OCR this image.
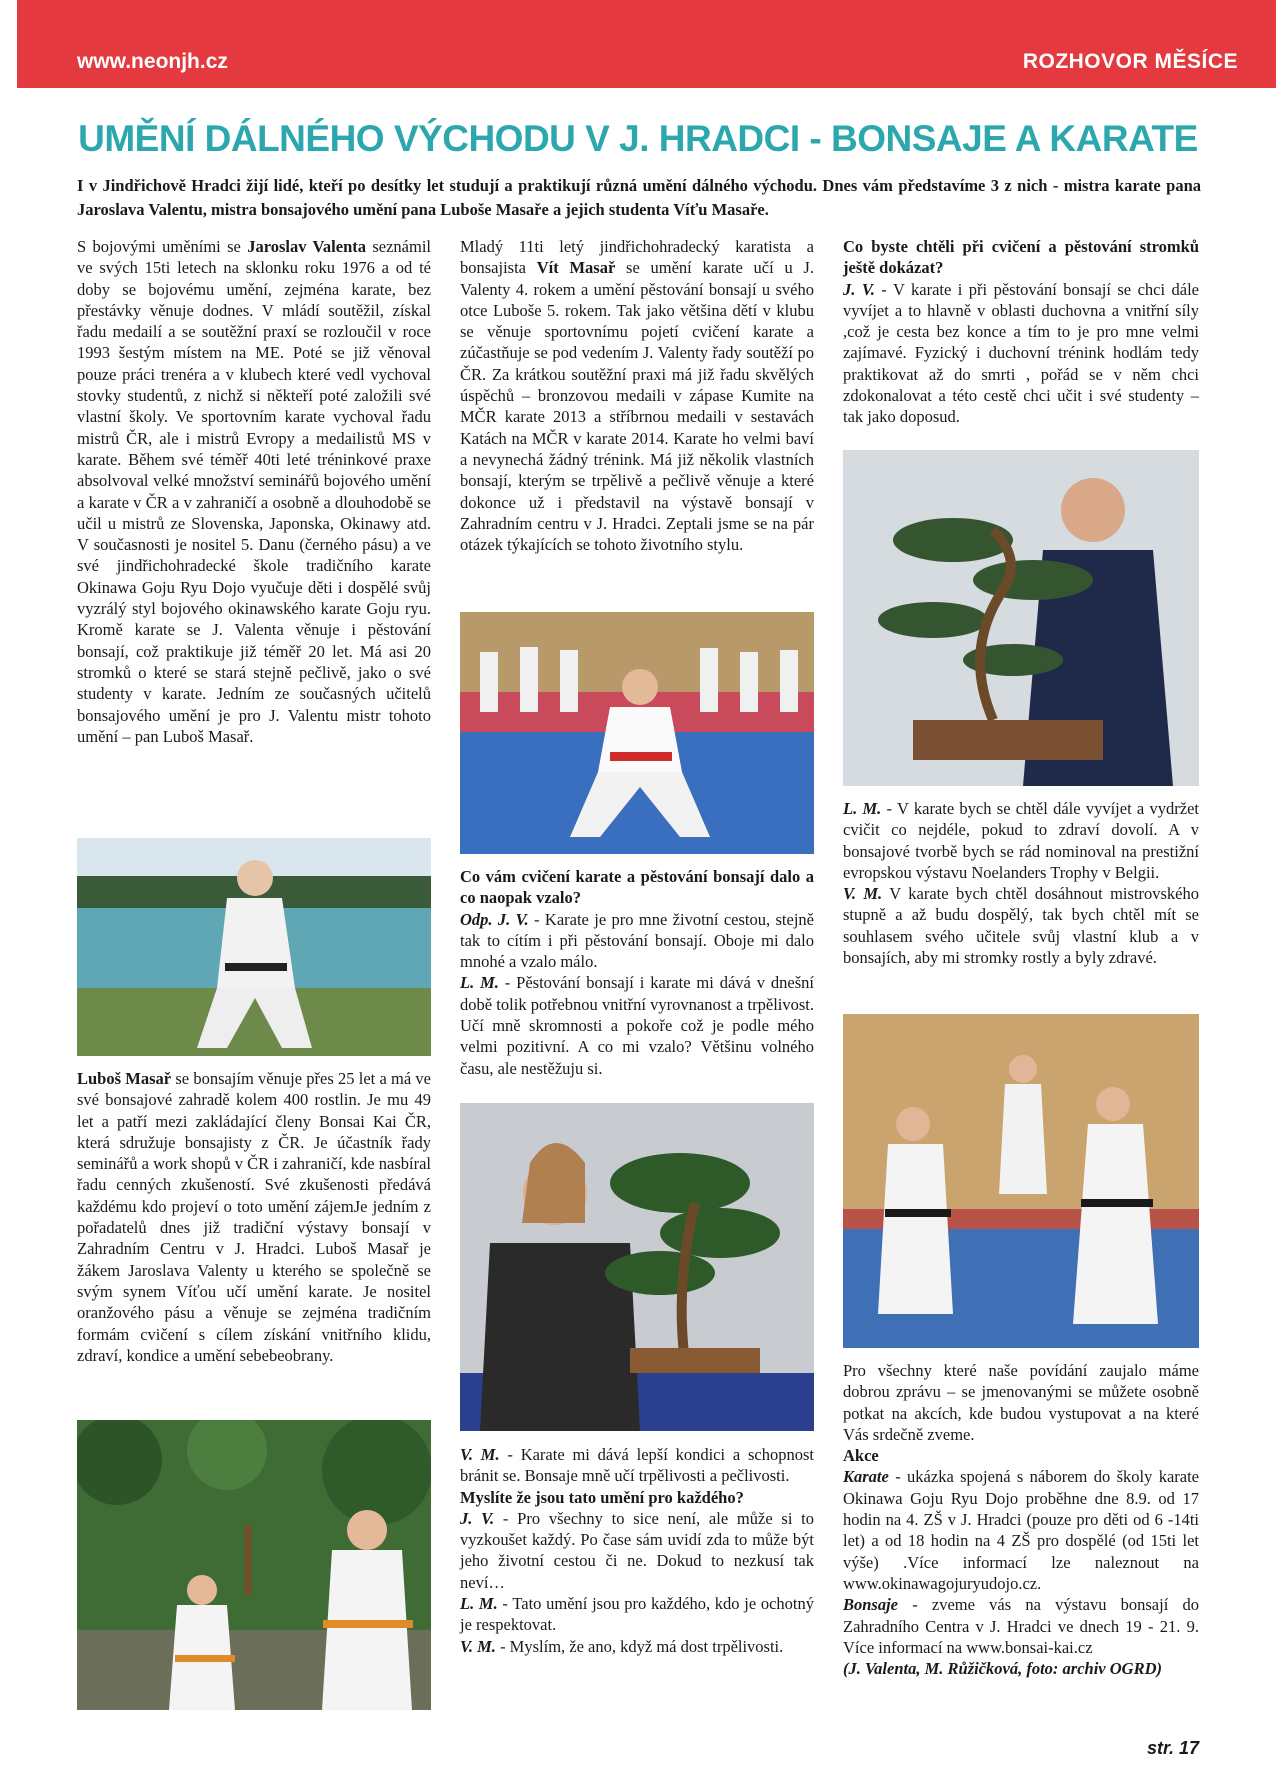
www.neonjh.cz	ROZHOVOR MĚSÍCE
UMĚNÍ DÁLNÉHO VÝCHODU V J. HRADCI - BONSAJE A KARATE
I v Jindřichově Hradci žijí lidé, kteří po desítky let studují a praktikují různá umění dálného východu. Dnes vám představíme 3 z nich - mistra karate pana Jaroslava Valentu, mistra bonsajového umění pana Luboše Masaře a jejich studenta Víťu Masaře.

S bojovými uměními se Jaroslav Valenta seznámil ve svých 15ti letech na sklonku roku 1976 a od té doby se bojovému umění, zejména karate, bez přestávky věnuje dodnes. V mládí soutěžil, získal řadu medailí a se soutěžní praxí se rozloučil v roce 1993 šestým místem na ME. Poté se již věnoval pouze práci trenéra a v klubech které vedl vychoval stovky studentů, z nichž si někteří poté založili své vlastní školy. Ve sportovním karate vychoval řadu mistrů ČR, ale i mistrů Evropy a medailistů MS v karate. Během své téměř 40ti leté tréninkové praxe absolvoval velké množství seminářů bojového umění a karate v ČR a v zahraničí a osobně a dlouhodobě se učil u mistrů ze Slovenska, Japonska, Okinawy atd. V současnosti je nositel 5. Danu (černého pásu) a ve své jindřichohradecké škole tradičního karate Okinawa Goju Ryu Dojo vyučuje děti i dospělé svůj vyzrálý styl bojového okinawského karate Goju ryu. Kromě karate se J. Valenta věnuje i pěstování bonsají, což praktikuje již téměř 20 let. Má asi 20 stromků o které se stará stejně pečlivě, jako o své studenty v karate. Jedním ze současných učitelů bonsajového umění je pro J. Valentu mistr tohoto umění – pan Luboš Masař.

Luboš Masař se bonsajím věnuje přes 25 let a má ve své bonsajové zahradě kolem 400 rostlin. Je mu 49 let a patří mezi zakládající členy Bonsai Kai ČR, která sdružuje bonsajisty z ČR. Je účastník řady seminářů a work shopů v ČR i zahraničí, kde nasbíral řadu cenných zkušeností. Své zkušenosti předává každému kdo projeví o toto umění zájemJe jedním z pořadatelů dnes již tradiční výstavy bonsají v Zahradním Centru v J. Hradci. Luboš Masař je žákem Jaroslava Valenty u kterého se společně se svým synem Víťou učí umění karate. Je nositel oranžového pásu a věnuje se zejména tradičním formám cvičení s cílem získání vnitřního klidu, zdraví, kondice a umění sebebeobrany.

Mladý 11ti letý jindřichohradecký karatista a bonsajista Vít Masař se umění karate učí u J. Valenty 4. rokem a umění pěstování bonsají u svého otce Luboše 5. rokem. Tak jako většina dětí v klubu se věnuje sportovnímu pojetí cvičení karate a zúčastňuje se pod vedením J. Valenty řady soutěží po ČR. Za krátkou soutěžní praxi má již řadu skvělých úspěchů – bronzovou medaili v zápase Kumite na MČR karate 2013 a stříbrnou medaili v sestavách Katách na MČR v karate 2014. Karate ho velmi baví a nevynechá žádný trénink. Má již několik vlastních bonsají, kterým se trpělivě a pečlivě věnuje a které dokonce už i představil na výstavě bonsají v Zahradním centru v J. Hradci. Zeptali jsme se na pár otázek týkajících se tohoto životního stylu.

Co vám cvičení karate a pěstování bonsají dalo a co naopak vzalo?

Odp. J. V. - Karate je pro mne životní cestou, stejně tak to cítím i při pěstování bonsají. Oboje mi dalo mnohé a vzalo málo.

L. M. - Pěstování bonsají i karate mi dává v dnešní době tolik potřebnou vnitřní vyrovnanost a trpělivost. Učí mně skromnosti a pokoře což je podle mého velmi pozitivní. A co mi vzalo? Většinu volného času, ale nestěžuju si.

V. M. - Karate mi dává lepší kondici a schopnost bránit se. Bonsaje mně učí trpělivosti a pečlivosti.

Myslíte že jsou tato umění pro každého?

J. V. - Pro všechny to sice není, ale může si to vyzkoušet každý. Po čase sám uvidí zda to může být jeho životní cestou či ne. Dokud to nezkusí tak neví…

L. M. - Tato umění jsou pro každého, kdo je ochotný je respektovat.

V. M. - Myslím, že ano, když má dost trpělivosti.

Co byste chtěli při cvičení a pěstování stromků ještě dokázat?

J. V. - V karate i při pěstování bonsají se chci dále vyvíjet a to hlavně v oblasti duchovna a vnitřní síly ,což je cesta bez konce a tím to je pro mne velmi zajímavé. Fyzický i duchovní trénink hodlám tedy praktikovat až do smrti , pořád se v něm chci zdokonalovat a této cestě chci učit i své studenty – tak jako doposud.

L. M. - V karate bych se chtěl dále vyvíjet a vydržet cvičit co nejdéle, pokud to zdraví dovolí. A v bonsajové tvorbě bych se rád nominoval na prestižní evropskou výstavu Noelanders Trophy v Belgii.

V. M. V karate bych chtěl dosáhnout mistrovského stupně a až budu dospělý, tak bych chtěl mít se souhlasem svého učitele svůj vlastní klub a v bonsajích, aby mi stromky rostly a byly zdravé.

Pro všechny které naše povídání zaujalo máme dobrou zprávu – se jmenovanými se můžete osobně potkat na akcích, kde budou vystupovat a na které Vás srdečně zveme.

Akce

Karate - ukázka spojená s náborem do školy karate Okinawa Goju Ryu Dojo proběhne dne 8.9. od 17 hodin na 4. ZŠ v J. Hradci (pouze pro děti od 6 -14ti let) a od 18 hodin na 4 ZŠ pro dospělé (od 15ti let výše) .Více informací lze naleznout na www.okinawagojuryudojo.cz.

Bonsaje - zveme vás na výstavu bonsají do Zahradního Centra v J. Hradci ve dnech 19 - 21. 9. Více informací na www.bonsai-kai.cz

(J. Valenta, M. Růžičková, foto: archiv OGRD)

str. 17
